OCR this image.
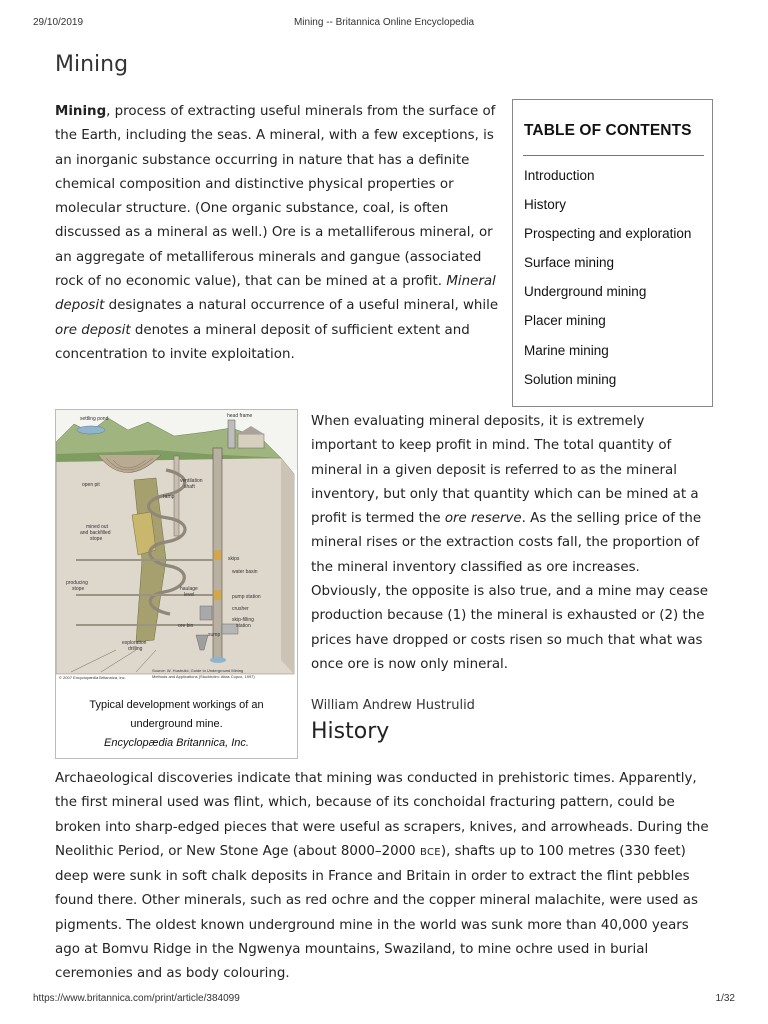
29/10/2019	Mining -- Britannica Online Encyclopedia
Mining

Mining, process of extracting useful minerals from the surface of the Earth, including the seas. A mineral, with a few exceptions, is an inorganic substance occurring in nature that has a definite chemical composition and distinctive physical properties or molecular structure. (One organic substance, coal, is often discussed as a mineral as well.) Ore is a metalliferous mineral, or an aggregate of metalliferous minerals and gangue (associated rock of no economic value), that can be mined at a profit. Mineral deposit designates a natural occurrence of a useful mineral, while ore deposit denotes a mineral deposit of sufficient extent and concentration to invite exploitation.

TABLE OF CONTENTS
Introduction
History
Prospecting and exploration
Surface mining
Underground mining
Placer mining
Marine mining
Solution mining
settling pond	head frame
open pit
ventilation
shaft
ramp
mined out
and backfilled
stope
skips
water basin
producing
stope	haulage
level	pump station
crusher
skip-filling
station
ore bin
sump
exploration
drilling
© 2007 Encyclopædia Britannica, Inc.
Source: W. Hustrulid, Guide to Underground Mining
Methods and Applications (Stockholm: Atlas Copco, 1997)
Typical development workings of an
underground mine.
Encyclopædia Britannica, Inc.

When evaluating mineral deposits, it is extremely important to keep profit in mind. The total quantity of mineral in a given deposit is referred to as the mineral inventory, but only that quantity which can be mined at a profit is termed the ore reserve. As the selling price of the mineral rises or the extraction costs fall, the proportion of the mineral inventory classified as ore increases. Obviously, the opposite is also true, and a mine may cease production because (1) the mineral is exhausted or (2) the prices have dropped or costs risen so much that what was once ore is now only mineral.

William Andrew Hustrulid

History

Archaeological discoveries indicate that mining was conducted in prehistoric times. Apparently, the first mineral used was flint, which, because of its conchoidal fracturing pattern, could be broken into sharp-edged pieces that were useful as scrapers, knives, and arrowheads. During the Neolithic Period, or New Stone Age (about 8000–2000 BCE), shafts up to 100 metres (330 feet) deep were sunk in soft chalk deposits in France and Britain in order to extract the flint pebbles found there. Other minerals, such as red ochre and the copper mineral malachite, were used as pigments. The oldest known underground mine in the world was sunk more than 40,000 years ago at Bomvu Ridge in the Ngwenya mountains, Swaziland, to mine ochre used in burial ceremonies and as body colouring.

https://www.britannica.com/print/article/384099	1/32
